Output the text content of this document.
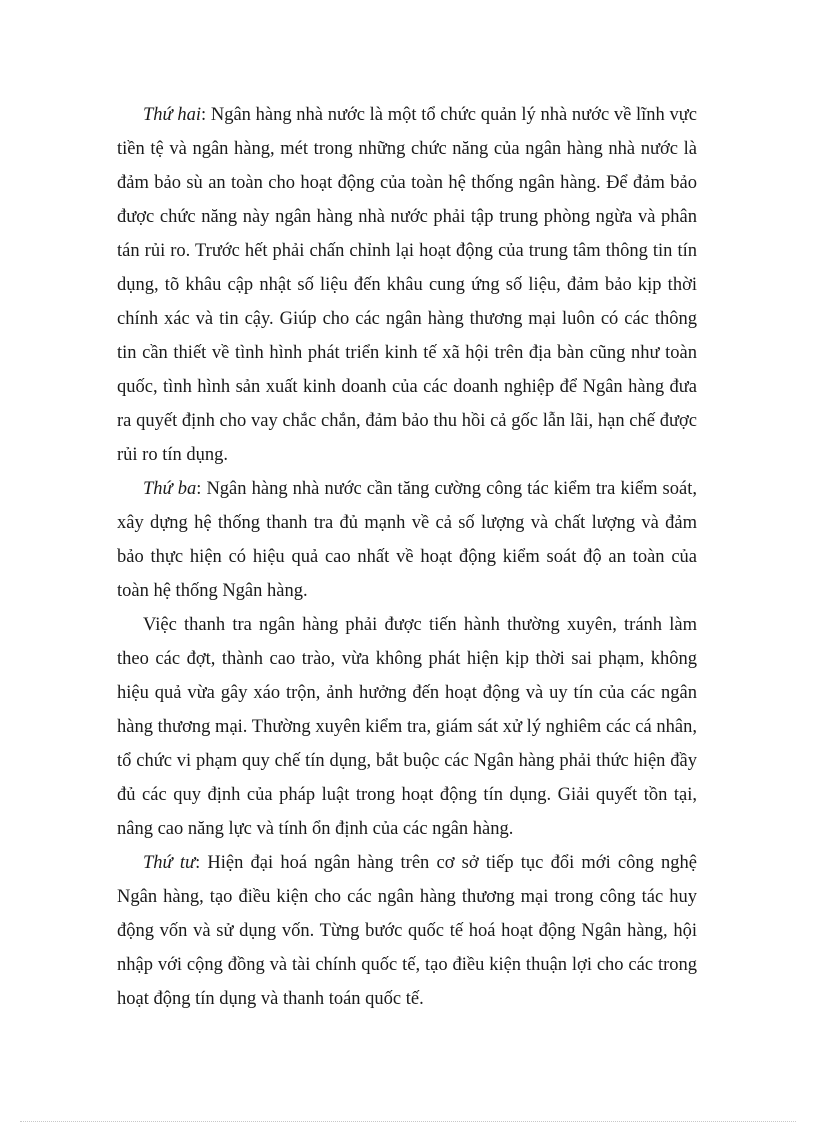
Thứ hai: Ngân hàng nhà nước là một tổ chức quản lý nhà nước về lĩnh vực tiền tệ và ngân hàng, mét trong những chức năng của ngân hàng nhà nước là đảm bảo sù an toàn cho hoạt động của toàn hệ thống ngân hàng. Để đảm bảo được chức năng này ngân hàng nhà nước phải tập trung phòng ngừa và phân tán rủi ro. Trước hết phải chấn chỉnh lại hoạt động của trung tâm thông tin tín dụng, tõ khâu cập nhật số liệu đến khâu cung ứng số liệu, đảm bảo kịp thời chính xác và tin cậy. Giúp cho các ngân hàng thương mại luôn có các thông tin cần thiết về tình hình phát triển kinh tế xã hội trên địa bàn cũng như toàn quốc, tình hình sản xuất kinh doanh của các doanh nghiệp để Ngân hàng đưa ra quyết định cho vay chắc chắn, đảm bảo thu hồi cả gốc lẫn lãi, hạn chế được rủi ro tín dụng.

Thứ ba: Ngân hàng nhà nước cần tăng cường công tác kiểm tra kiểm soát, xây dựng hệ thống thanh tra đủ mạnh về cả số lượng và chất lượng và đảm bảo thực hiện có hiệu quả cao nhất về hoạt động kiểm soát độ an toàn của toàn hệ thống Ngân hàng.

Việc thanh tra ngân hàng phải được tiến hành thường xuyên, tránh làm theo các đợt, thành cao trào, vừa không phát hiện kịp thời sai phạm, không hiệu quả vừa gây xáo trộn, ảnh hưởng đến hoạt động và uy tín của các ngân hàng thương mại. Thường xuyên kiểm tra, giám sát xử lý nghiêm các cá nhân, tổ chức vi phạm quy chế tín dụng, bắt buộc các Ngân hàng phải thức hiện đầy đủ các quy định của pháp luật trong hoạt động tín dụng. Giải quyết tồn tại, nâng cao năng lực và tính ổn định của các ngân hàng.

Thứ tư: Hiện đại hoá ngân hàng trên cơ sở tiếp tục đổi mới công nghệ Ngân hàng, tạo điều kiện cho các ngân hàng thương mại trong công tác huy động vốn và sử dụng vốn. Từng bước quốc tế hoá hoạt động Ngân hàng, hội nhập với cộng đồng và tài chính quốc tế, tạo điều kiện thuận lợi cho các trong hoạt động tín dụng và thanh toán quốc tế.
